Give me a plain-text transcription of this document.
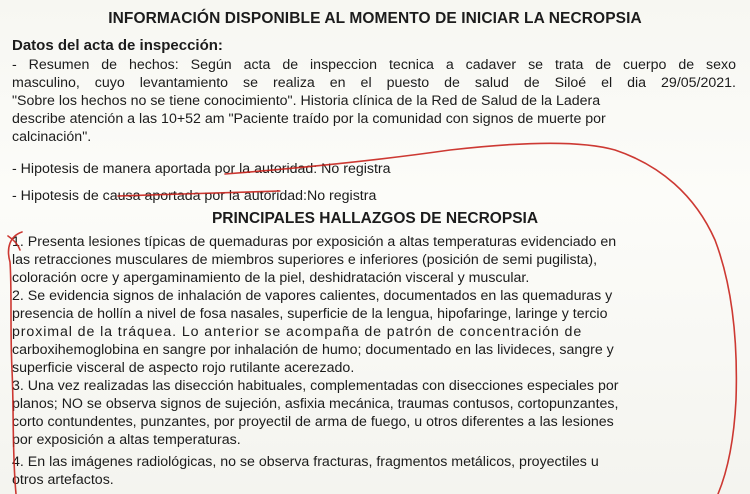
INFORMACIÓN DISPONIBLE AL MOMENTO DE INICIAR LA NECROPSIA
Datos del acta de inspección:
- Resumen de hechos: Según acta de inspeccion tecnica a cadaver se trata de cuerpo de sexo
masculino, cuyo levantamiento se realiza en el puesto de salud de Siloé el dia 29/05/2021.
"Sobre los hechos no se tiene conocimiento". Historia clínica de la Red de Salud de la Ladera
describe atención a las 10+52 am "Paciente traído por la comunidad con signos de muerte por
calcinación".
- Hipotesis de manera aportada por la autoridad: No registra
- Hipotesis de causa aportada por la autoridad:No registra
PRINCIPALES HALLAZGOS DE NECROPSIA
1. Presenta lesiones típicas de quemaduras por exposición a altas temperaturas evidenciado en
las retracciones musculares de miembros superiores e inferiores (posición de semi pugilista),
coloración ocre y apergaminamiento de la piel, deshidratación visceral y muscular.
2. Se evidencia signos de inhalación de vapores calientes, documentados en las quemaduras y
presencia de hollín a nivel de fosa nasales, superficie de la lengua, hipofaringe, laringe y tercio
proximal de la tráquea. Lo anterior se acompaña de patrón de concentración de
carboxihemoglobina en sangre por inhalación de humo; documentado en las livideces, sangre y
superficie visceral de aspecto rojo rutilante acerezado.
3. Una vez realizadas las disección habituales, complementadas con disecciones especiales por
planos; NO se observa signos de sujeción, asfixia mecánica, traumas contusos, cortopunzantes,
corto contundentes, punzantes, por proyectil de arma de fuego, u otros diferentes a las lesiones
por exposición a altas temperaturas.
4. En las imágenes radiológicas, no se observa fracturas, fragmentos metálicos, proyectiles u
otros artefactos.
